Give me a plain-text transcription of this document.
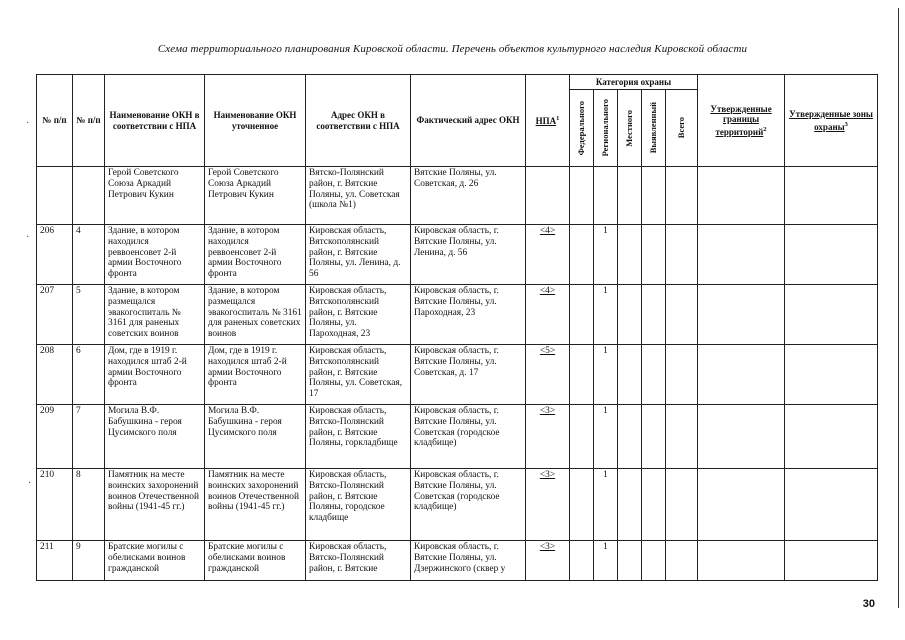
·
·
·
Схема территориального планирования Кировской области. Перечень объектов культурного наследия Кировской области
№ п/п	№ п/п	Наименование ОКН в соответствии с НПА	Наименование ОКН уточненное	Адрес ОКН в соответствии с НПА	Фактический адрес ОКН	НПА$^1$	Категория охраны					Утвержденные границы территорий$^2$	Утвержденные зоны охраны$^3$

							Федерального	Регионального	Местного	Выявленный	Всего		

		Герой Советского Союза Аркадий Петрович Кукин	Герой Советского Союза Аркадий Петрович Кукин	Вятско-Полянский район, г. Вятские Поляны, ул. Советская (школа №1)	Вятские Поляны, ул. Советская, д. 26								
206	4	Здание, в котором находился реввоенсовет 2-й армии Восточного фронта	Здание, в котором находился реввоенсовет 2-й армии Восточного фронта	Кировская область, Вятскополянский район, г. Вятские Поляны, ул. Ленина, д. 56	Кировская область, г. Вятские Поляны, ул. Ленина, д. 56	<4>		1					
207	5	Здание, в котором размещался эвакогоспиталь № 3161 для раненых советских воинов	Здание, в котором размещался эвакогоспиталь № 3161 для раненых советских воинов	Кировская область, Вятскополянский район, г. Вятские Поляны, ул. Пароходная, 23	Кировская область, г. Вятские Поляны, ул. Пароходная, 23	<4>		1					
208	6	Дом, где в 1919 г. находился штаб 2-й армии Восточного фронта	Дом, где в 1919 г. находился штаб 2-й армии Восточного фронта	Кировская область, Вятскополянский район, г. Вятские Поляны, ул. Советская, 17	Кировская область, г. Вятские Поляны, ул. Советская, д. 17	<5>		1					
209	7	Могила В.Ф. Бабушкина - героя Цусимского поля	Могила В.Ф. Бабушкина - героя Цусимского поля	Кировская область, Вятско-Полянский район, г. Вятские Поляны, горкладбище	Кировская область, г. Вятские Поляны, ул. Советская (городское кладбище)	<3>		1					
210	8	Памятник на месте воинских захоронений воинов Отечественной войны (1941-45 гг.)	Памятник на месте воинских захоронений воинов Отечественной войны (1941-45 гг.)	Кировская область, Вятско-Полянский район, г. Вятские Поляны, городское кладбище	Кировская область, г. Вятские Поляны, ул. Советская (городское кладбище)	<3>		1					
211	9	Братские могилы с обелисками воинов гражданской	Братские могилы с обелисками воинов гражданской	Кировская область, Вятско-Полянский район, г. Вятские	Кировская область, г. Вятские Поляны, ул. Дзержинского (сквер у	<3>		1					
30
